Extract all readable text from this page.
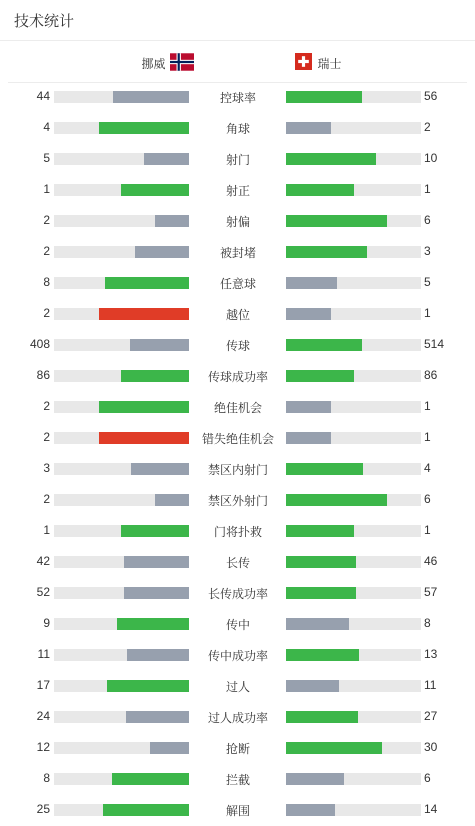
技术统计
挪威	瑞士
44	控球率	56
4	角球	2
5	射门	10
1	射正	1
2	射偏	6
2	被封堵	3
8	任意球	5
2	越位	1
408	传球	514
86	传球成功率	86
2	绝佳机会	1
2	错失绝佳机会	1
3	禁区内射门	4
2	禁区外射门	6
1	门将扑救	1
42	长传	46
52	长传成功率	57
9	传中	8
11	传中成功率	13
17	过人	11
24	过人成功率	27
12	抢断	30
8	拦截	6
25	解围	14
